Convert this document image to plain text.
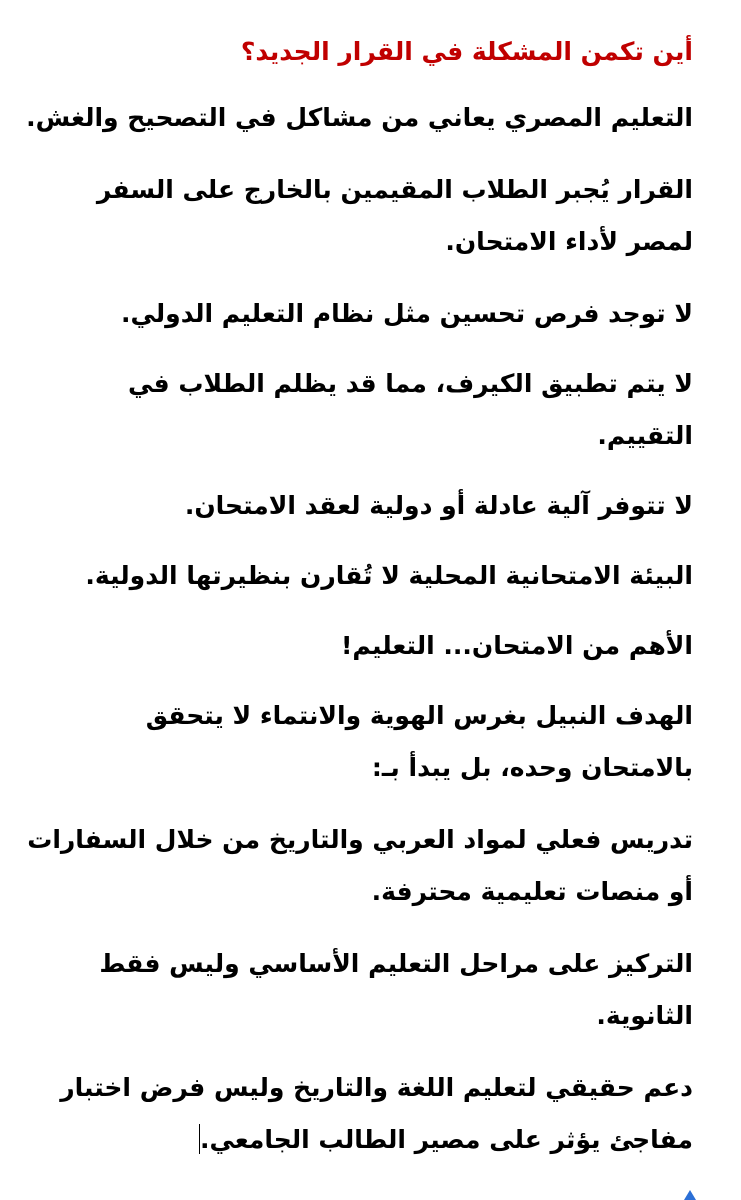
أين تكمن المشكلة في القرار الجديد؟
التعليم المصري يعاني من مشاكل في التصحيح والغش.
القرار يُجبر الطلاب المقيمين بالخارج على السفر لمصر لأداء الامتحان.
لا توجد فرص تحسين مثل نظام التعليم الدولي.
لا يتم تطبيق الكيرف، مما قد يظلم الطلاب في التقييم.
لا تتوفر آلية عادلة أو دولية لعقد الامتحان.
البيئة الامتحانية المحلية لا تُقارن بنظيرتها الدولية.
الأهم من الامتحان... التعليم!
الهدف النبيل بغرس الهوية والانتماء لا يتحقق بالامتحان وحده، بل يبدأ بـ:
تدريس فعلي لمواد العربي والتاريخ من خلال السفارات أو منصات تعليمية محترفة.
التركيز على مراحل التعليم الأساسي وليس فقط الثانوية.
دعم حقيقي لتعليم اللغة والتاريخ وليس فرض اختبار مفاجئ يؤثر على مصير الطالب الجامعي.
